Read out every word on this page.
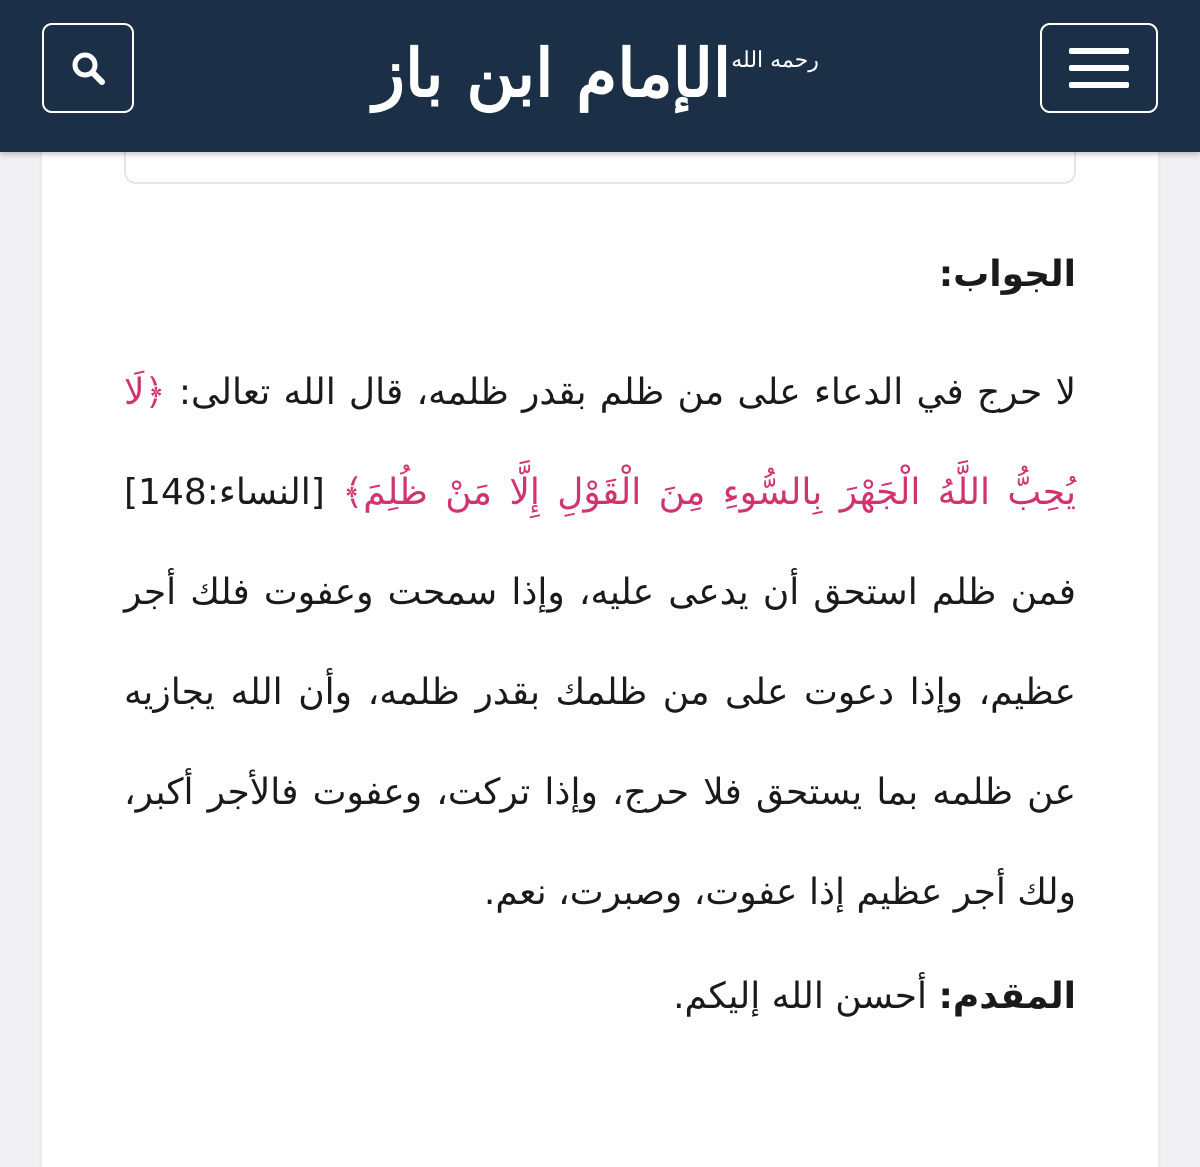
الإمام ابن باز رحمه الله

الجواب:

لا حرج في الدعاء على من ظلم بقدر ظلمه، قال الله تعالى: ﴿لَا يُحِبُّ اللَّهُ الْجَهْرَ بِالسُّوءِ مِنَ الْقَوْلِ إِلَّا مَنْ ظُلِمَ﴾ [النساء:148] فمن ظلم استحق أن يدعى عليه، وإذا سمحت وعفوت فلك أجر عظيم، وإذا دعوت على من ظلمك بقدر ظلمه، وأن الله يجازيه عن ظلمه بما يستحق فلا حرج، وإذا تركت، وعفوت فالأجر أكبر، ولك أجر عظيم إذا عفوت، وصبرت، نعم.

المقدم: أحسن الله إليكم.
